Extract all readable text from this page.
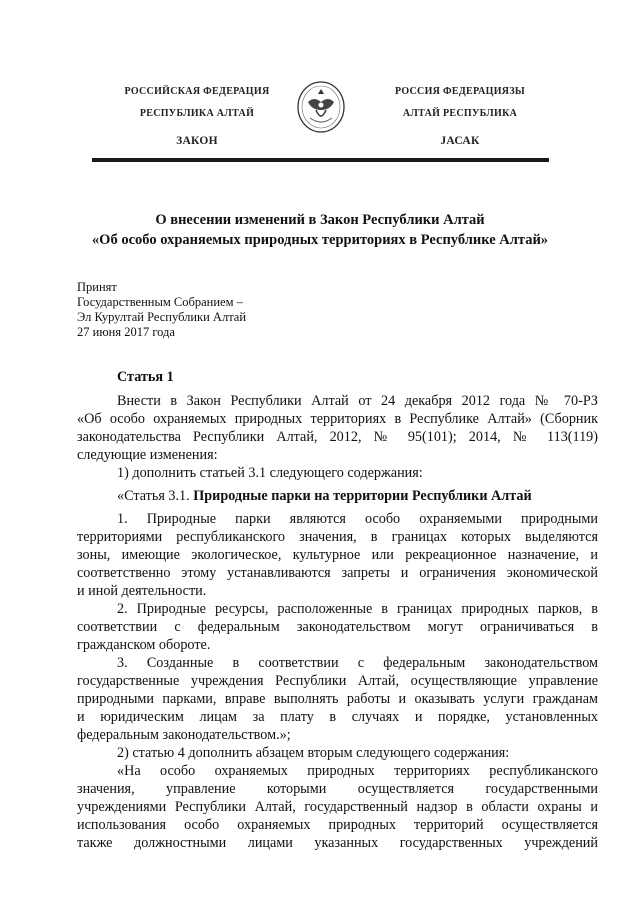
РОССИЙСКАЯ ФЕДЕРАЦИЯ
РЕСПУБЛИКА АЛТАЙ
ЗАКОН
РОССИЯ ФЕДЕРАЦИЯЗЫ
АЛТАЙ РЕСПУБЛИКА
JАСАК
О внесении изменений в Закон Республики Алтай
«Об особо охраняемых природных территориях в Республике Алтай»
Принят
Государственным Собранием –
Эл Курултай Республики Алтай
27 июня 2017 года
Статья 1
Внести в Закон Республики Алтай от 24 декабря 2012 года № 70-РЗ
«Об особо охраняемых природных территориях в Республике Алтай» (Сборник
законодательства Республики Алтай, 2012, № 95(101); 2014, № 113(119)
следующие изменения:
1) дополнить статьей 3.1 следующего содержания:
«Статья 3.1. Природные парки на территории Республики Алтай
1. Природные парки являются особо охраняемыми природными
территориями республиканского значения, в границах которых выделяются
зоны, имеющие экологическое, культурное или рекреационное назначение, и
соответственно этому устанавливаются запреты и ограничения экономической
и иной деятельности.
2. Природные ресурсы, расположенные в границах природных парков, в
соответствии с федеральным законодательством могут ограничиваться в
гражданском обороте.
3. Созданные в соответствии с федеральным законодательством
государственные учреждения Республики Алтай, осуществляющие управление
природными парками, вправе выполнять работы и оказывать услуги гражданам
и юридическим лицам за плату в случаях и порядке, установленных
федеральным законодательством.»;
2) статью 4 дополнить абзацем вторым следующего содержания:
«На особо охраняемых природных территориях республиканского
значения, управление которыми осуществляется государственными
учреждениями Республики Алтай, государственный надзор в области охраны и
использования особо охраняемых природных территорий осуществляется
также должностными лицами указанных государственных учреждений
